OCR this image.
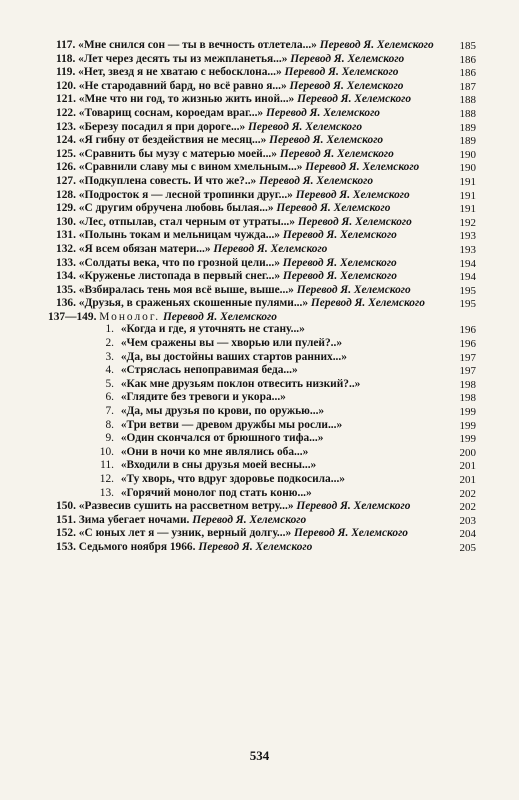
117. «Мне снился сон — ты в вечность отлетела...» Перевод Я. Хелемского 185
118. «Лет через десять ты из межпланетья...» Перевод Я. Хелемского	186
119. «Нет, звезд я не хватаю с небосклона...» Перевод Я. Хелемского	186
120. «Не стародавний бард, но всё равно я...» Перевод Я. Хелемского	187
121. «Мне что ни год, то жизнью жить иной...» Перевод Я. Хелемского	188
122. «Товарищ соснам, короедам враг...» Перевод Я. Хелемского	188
123. «Березу посадил я при дороге...» Перевод Я. Хелемского	189
124. «Я гибну от бездействия не месяц...» Перевод Я. Хелемского	189
125. «Сравнить бы музу с матерью моей...» Перевод Я. Хелемского	190
126. «Сравнили славу мы с вином хмельным...» Перевод Я. Хелемского	190
127. «Подкуплена совесть. И что же?..» Перевод Я. Хелемского	191
128. «Подросток я — лесной тропинки друг...» Перевод Я. Хелемского	191
129. «С другим обручена любовь былая...» Перевод Я. Хелемского	191
130. «Лес, отпылав, стал черным от утраты...» Перевод Я. Хелемского	192
131. «Полынь токам и мельницам чужда...» Перевод Я. Хелемского	193
132. «Я всем обязан матери...» Перевод Я. Хелемского	193
133. «Солдаты века, что по грозной цели...» Перевод Я. Хелемского	194
134. «Круженье листопада в первый снег...» Перевод Я. Хелемского	194
135. «Взбиралась тень моя всё выше, выше...» Перевод Я. Хелемского	195
136. «Друзья, в сраженьях скошенные пулями...» Перевод Я. Хелемского	195
137—149. Монолог. Перевод Я. Хелемского
1. «Когда и где, я уточнять не стану...»	196
2. «Чем сражены вы — хворью или пулей?..»	196
3. «Да, вы достойны ваших стартов ранних...»	197
4. «Стряслась непоправимая беда...»	197
5. «Как мне друзьям поклон отвесить низкий?..»	198
6. «Глядите без тревоги и укора...»	198
7. «Да, мы друзья по крови, по оружью...»	199
8. «Три ветви — древом дружбы мы росли...»	199
9. «Один скончался от брюшного тифа...»	199
10. «Они в ночи ко мне являлись оба...»	200
11. «Входили в сны друзья моей весны...»	201
12. «Ту хворь, что вдруг здоровье подкосила...»	201
13. «Горячий монолог под стать коню...»	202
150. «Развесив сушить на рассветном ветру...» Перевод Я. Хелемского	202
151. Зима убегает ночами. Перевод Я. Хелемского	203
152. «С юных лет я — узник, верный долгу...» Перевод Я. Хелемского	204
153. Седьмого ноября 1966. Перевод Я. Хелемского	205
534
